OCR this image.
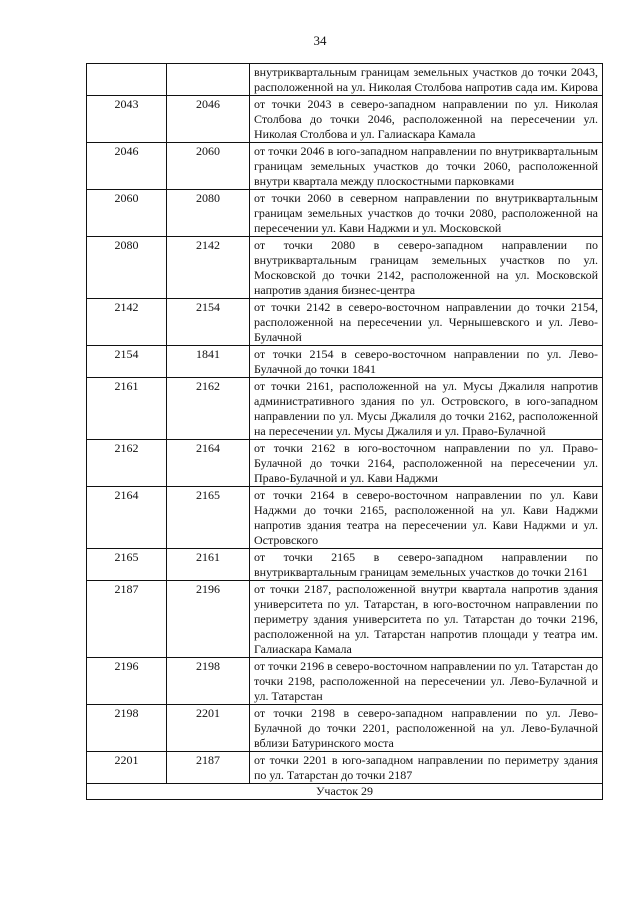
34
		внутриквартальным границам земельных участков до точки 2043, расположенной на ул. Николая Столбова напротив сада им. Кирова
2043	2046	от точки 2043 в северо-западном направлении по ул. Николая Столбова до точки 2046, расположенной на пересечении ул. Николая Столбова и ул. Галиаскара Камала
2046	2060	от точки 2046 в юго-западном направлении по внутриквартальным границам земельных участков до точки 2060, расположенной внутри квартала между плоскостными парковками
2060	2080	от точки 2060 в северном направлении по внутриквартальным границам земельных участков до точки 2080, расположенной на пересечении ул. Кави Наджми и ул. Московской
2080	2142	от точки 2080 в северо-западном направлении по внутриквартальным границам земельных участков по ул. Московской до точки 2142, расположенной на ул. Московской напротив здания бизнес-центра
2142	2154	от точки 2142 в северо-восточном направлении до точки 2154, расположенной на пересечении ул. Чернышевского и ул. Лево-Булачной
2154	1841	от точки 2154 в северо-восточном направлении по ул. Лево-Булачной до точки 1841
2161	2162	от точки 2161, расположенной на ул. Мусы Джалиля напротив административного здания по ул. Островского, в юго-западном направлении по ул. Мусы Джалиля до точки 2162, расположенной на пересечении ул. Мусы Джалиля и ул. Право-Булачной
2162	2164	от точки 2162 в юго-восточном направлении по ул. Право-Булачной до точки 2164, расположенной на пересечении ул. Право-Булачной и ул. Кави Наджми
2164	2165	от точки 2164 в северо-восточном направлении по ул. Кави Наджми до точки 2165, расположенной на ул. Кави Наджми напротив здания театра на пересечении ул. Кави Наджми и ул. Островского
2165	2161	от точки 2165 в северо-западном направлении по внутриквартальным границам земельных участков до точки 2161
2187	2196	от точки 2187, расположенной внутри квартала напротив здания университета по ул. Татарстан, в юго-восточном направлении по периметру здания университета по ул. Татарстан до точки 2196, расположенной на ул. Татарстан напротив площади у театра им. Галиаскара Камала
2196	2198	от точки 2196 в северо-восточном направлении по ул. Татарстан до точки 2198, расположенной на пересечении ул. Лево-Булачной и ул. Татарстан
2198	2201	от точки 2198 в северо-западном направлении по ул. Лево-Булачной до точки 2201, расположенной на ул. Лево-Булачной вблизи Батуринского моста
2201	2187	от точки 2201 в юго-западном направлении по периметру здания по ул. Татарстан до точки 2187
Участок 29		
